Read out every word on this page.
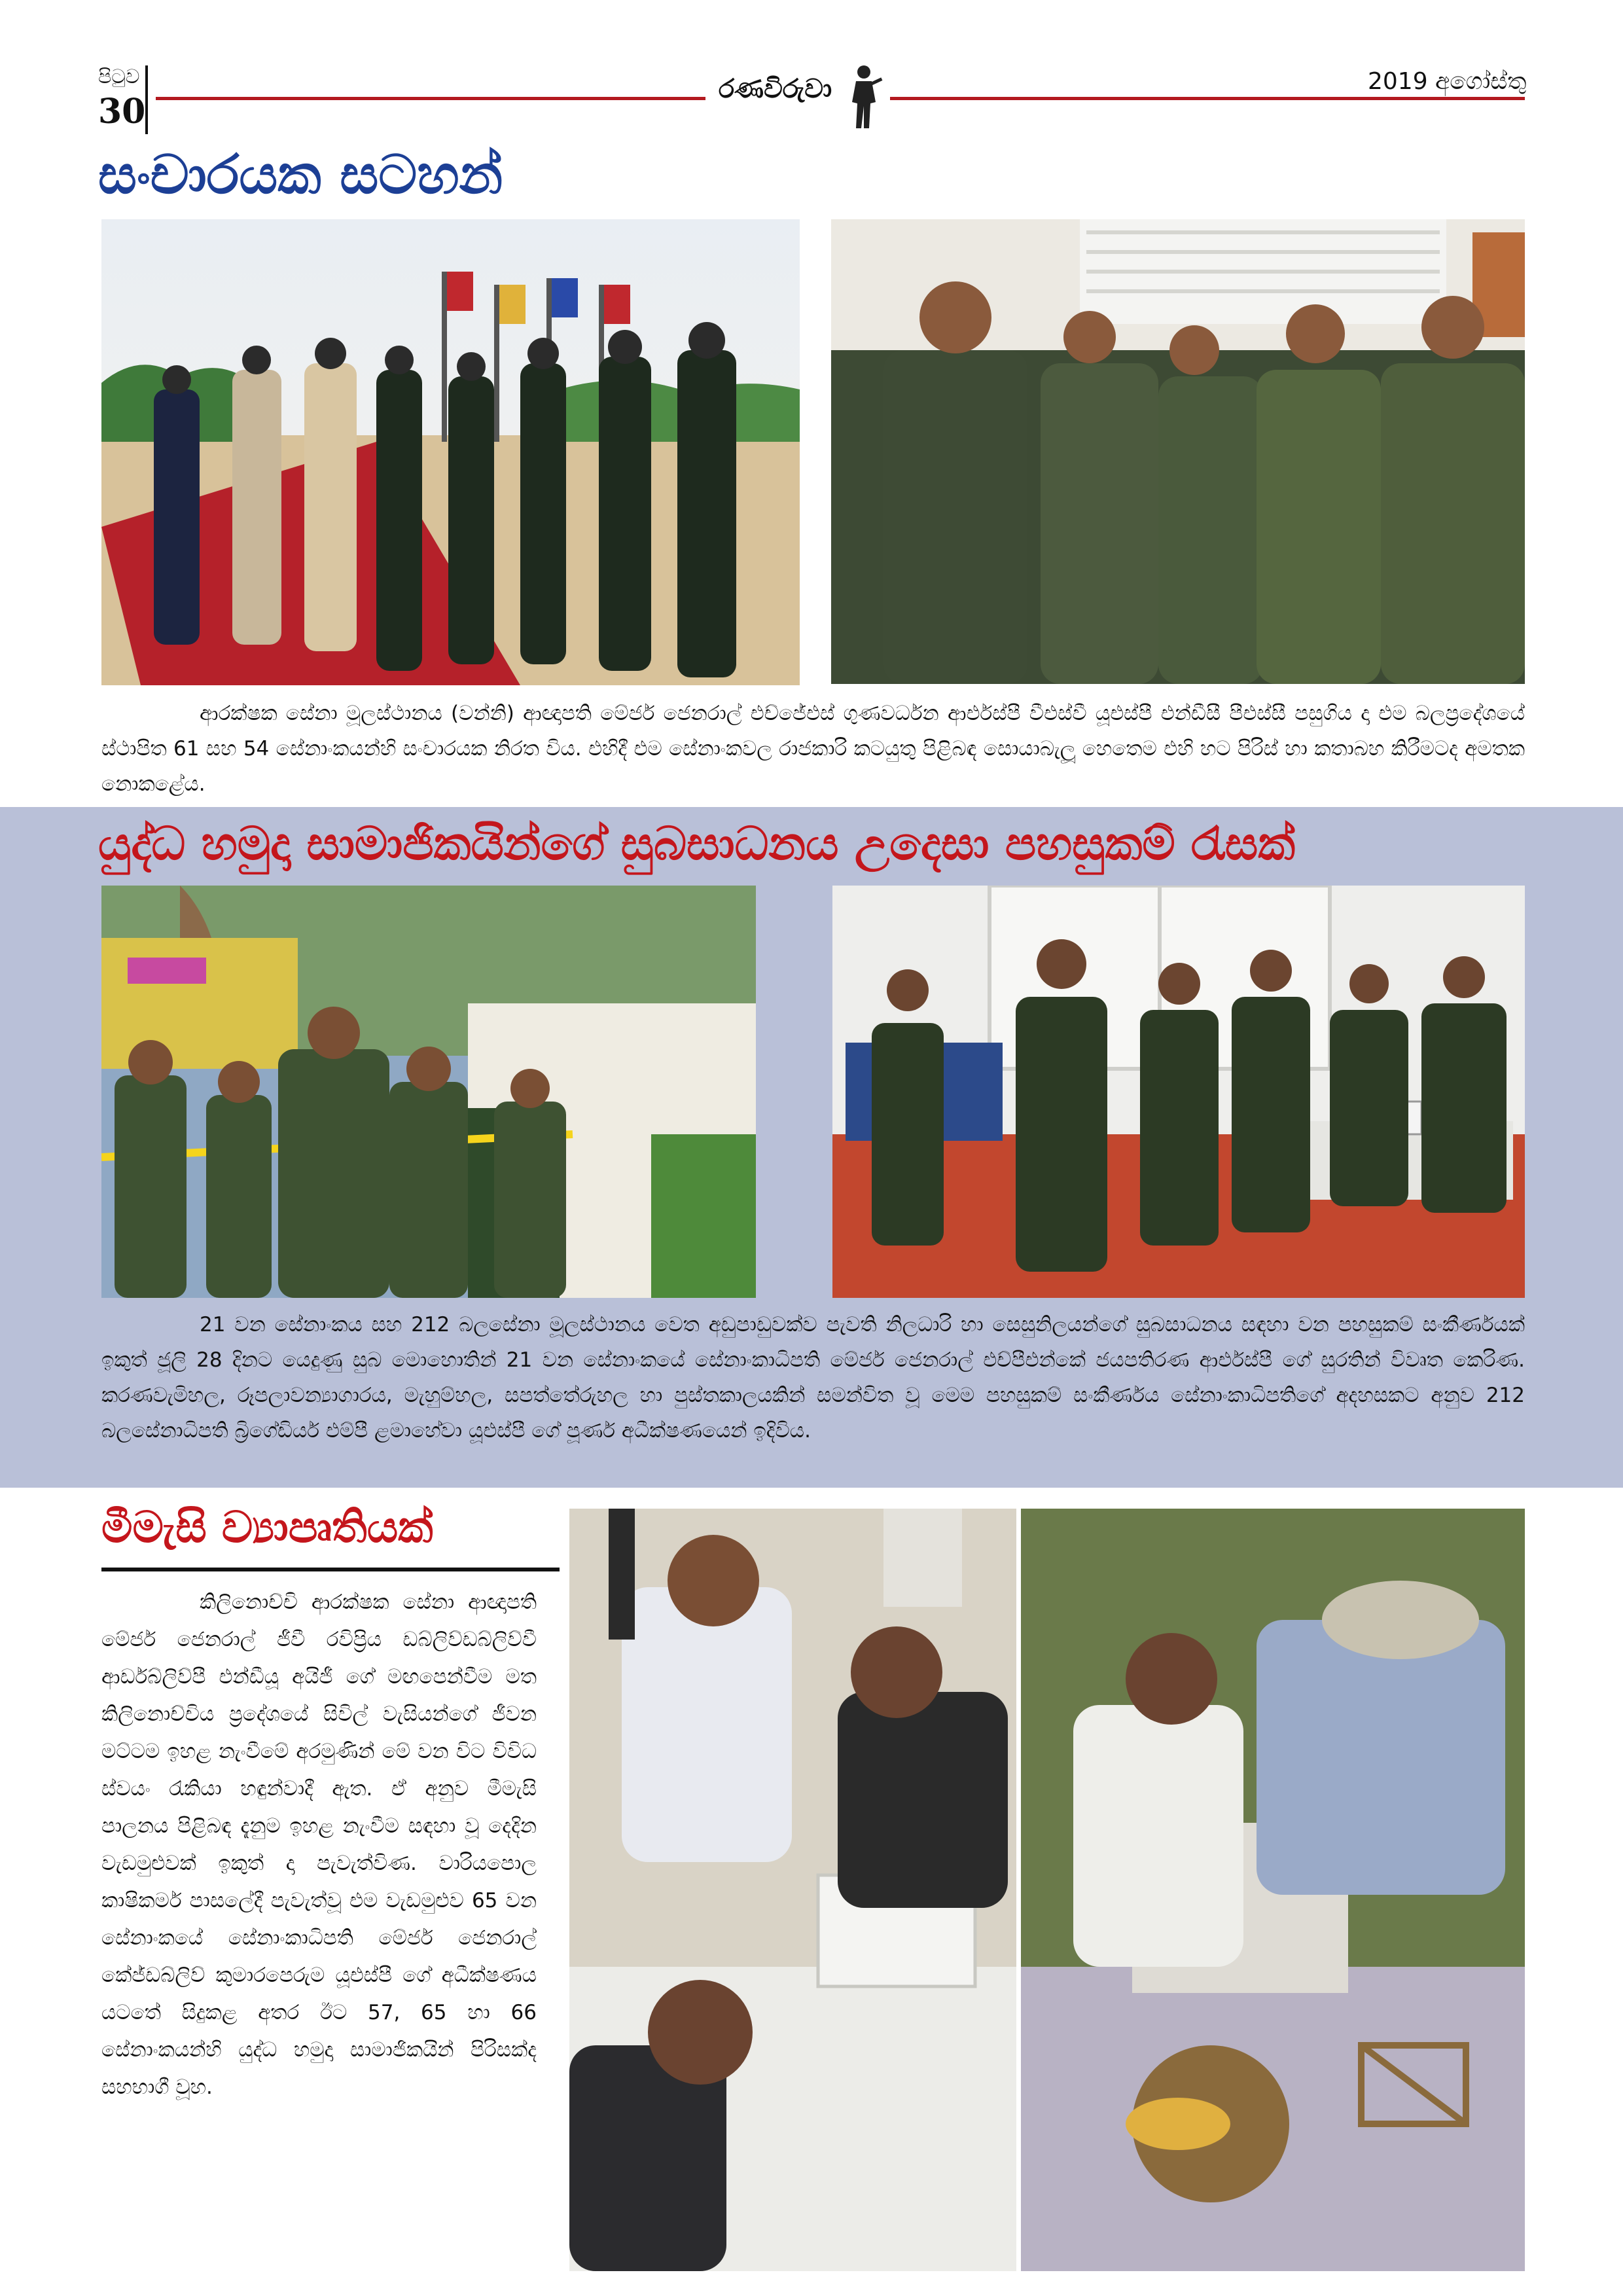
පිටුව
30
රණවිරුවා	2019 අගෝස්තු
සංචාරයක සටහන්
ආරක්ෂක සේනා මූලස්ථානය (වන්නි) ආඥාපති මේජර් ජෙනරාල් එච්ජේඑස් ගුණවර්ධන ආර්එස්පී වීඑස්වී යූඑස්පී එන්ඩීසී පීඑස්සී පසුගිය දා එම බලප්‍රදේශයේ ස්ථාපිත 61 සහ 54 සේනාංකයන්හි සංචාරයක නිරත විය. එහිදී එම සේනාංකවල රාජකාරි කටයුතු පිළිබඳ සොයාබැලූ හෙතෙම එහි හට පිරිස් හා කතාබහ කිරීමටද අමතක නොකළේය.
යුද්ධ හමුදා සාමාජිකයින්ගේ සුබසාධනය උදෙසා පහසුකම් රැසක්
21 වන සේනාංකය සහ 212 බලසේනා මූලස්ථානය වෙත අඩුපාඩුවක්ව පැවති නිලධාරි හා සෙසුනිලයන්ගේ සුබසාධනය සඳහා වන පහසුකම් සංකීර්ණයක් ඉකුත් ජූලි 28 දිනට යෙදුණු සුබ මොහොතින් 21 වන සේනාංකයේ සේනාංකාධිපති මේජර් ජෙනරාල් එච්පීඑන්කේ ජයපතිරණ ආර්එස්පී ගේ සුරතින් විවෘත කෙරිණ. කරණවැමිහල, රූපලාවන්‍යාගාරය, මැහුම්හල, සපත්තේරුහල හා පුස්තකාලයකින් සමන්විත වූ මෙම පහසුකම් සංකීර්ණය සේනාංකාධිපතිගේ අදහසකට අනුව 212 බලසේනාධිපති බ්‍රිගේඩියර් එම්පී ළමාහේවා යූඑස්පී ගේ පූර්ණ අධීක්ෂණයෙන් ඉදිවිය.
මීමැසි ව්‍යාපෘතියක්
කිලිනොච්චි ආරක්ෂක සේනා ආඥාපති මේජර් ජෙනරාල් ජීවී රවිප්‍රිය ඩබ්ලිව්ඩබ්ලිව්වී ආර්ඩබ්ලිව්පී එන්ඩීයූ අයිජී ගේ මඟපෙන්වීම මත කිලිනොච්චිය ප්‍රදේශයේ සිවිල් වැසියන්ගේ ජීවන මට්ටම ඉහළ නැංවීමේ අරමුණින් මේ වන විට විවිධ ස්වයං රැකියා හඳුන්වාදී ඇත. ඒ අනුව මීමැසි පාලනය පිළිබඳ දැනුම ඉහළ නැංවීම සඳහා වූ දෙදින වැඩමුළුවක් ඉකුත් දා පැවැත්විණ. වාරියපොල කාෂිකර්ම පාසලේදී පැවැත්වූ එම වැඩමුළුව 65 වන සේනාංකයේ සේනාංකාධිපති මේජර් ජෙනරාල් කේජ්ඩබ්ලිව් කුමාරපෙරුම යූඑස්පී ගේ අධීක්ෂණය යටතේ සිදුකළ අතර ඊට 57, 65 හා 66 සේනාංකයන්හි යුද්ධ හමුදා සාමාජිකයින් පිරිසක්ද සහභාගී වූහ.
